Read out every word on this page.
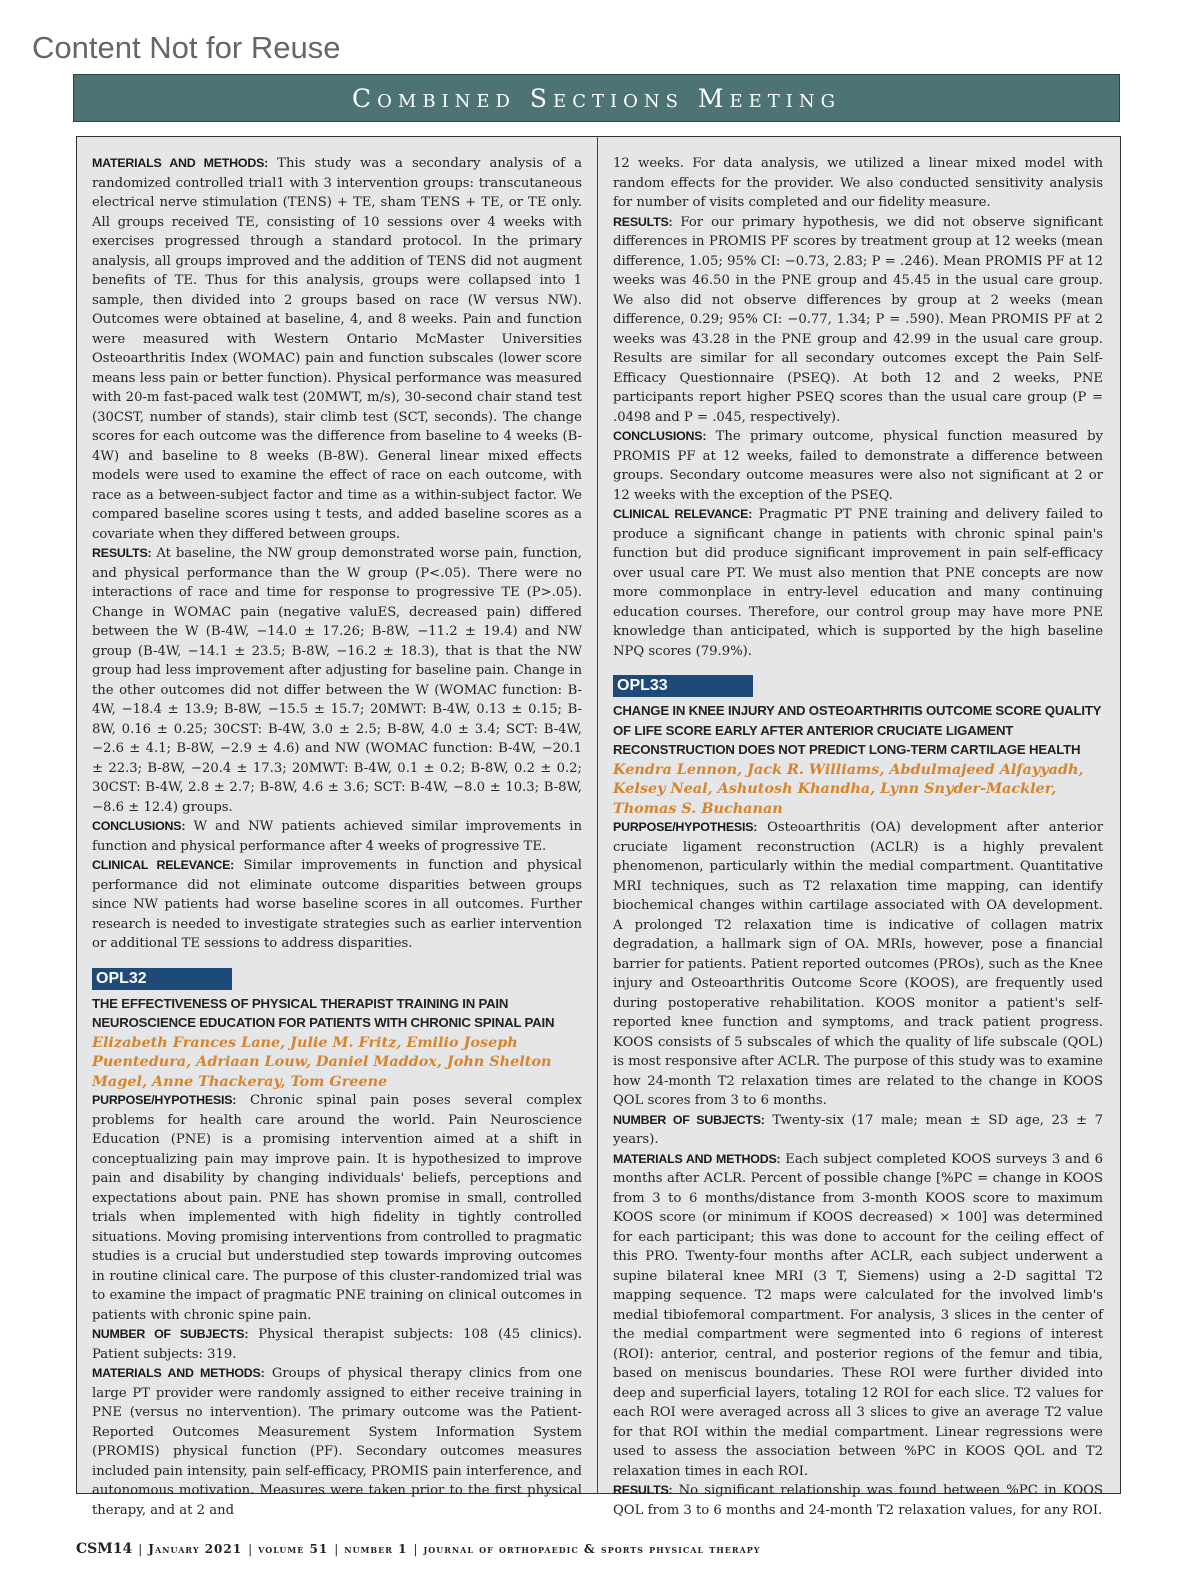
Content Not for Reuse
Combined Sections Meeting

MATERIALS AND METHODS: This study was a secondary analysis of a randomized controlled trial1 with 3 intervention groups: transcutaneous electrical nerve stimulation (TENS) + TE, sham TENS + TE, or TE only. All groups received TE, consisting of 10 sessions over 4 weeks with exercises progressed through a standard protocol. In the primary analysis, all groups improved and the addition of TENS did not augment benefits of TE. Thus for this analysis, groups were collapsed into 1 sample, then divided into 2 groups based on race (W versus NW). Outcomes were obtained at baseline, 4, and 8 weeks. Pain and function were measured with Western Ontario McMaster Universities Osteoarthritis Index (WOMAC) pain and function subscales (lower score means less pain or better function). Physical performance was measured with 20-m fast-paced walk test (20MWT, m/s), 30-second chair stand test (30CST, number of stands), stair climb test (SCT, seconds). The change scores for each outcome was the difference from baseline to 4 weeks (B-4W) and baseline to 8 weeks (B-8W). General linear mixed effects models were used to examine the effect of race on each outcome, with race as a between-subject factor and time as a within-subject factor. We compared baseline scores using t tests, and added baseline scores as a covariate when they differed between groups.

RESULTS: At baseline, the NW group demonstrated worse pain, function, and physical performance than the W group (P<.05). There were no interactions of race and time for response to progressive TE (P>.05). Change in WOMAC pain (negative valuES, decreased pain) differed between the W (B-4W, −14.0 ± 17.26; B-8W, −11.2 ± 19.4) and NW group (B-4W, −14.1 ± 23.5; B-8W, −16.2 ± 18.3), that is that the NW group had less improvement after adjusting for baseline pain. Change in the other outcomes did not differ between the W (WOMAC function: B-4W, −18.4 ± 13.9; B-8W, −15.5 ± 15.7; 20MWT: B-4W, 0.13 ± 0.15; B-8W, 0.16 ± 0.25; 30CST: B-4W, 3.0 ± 2.5; B-8W, 4.0 ± 3.4; SCT: B-4W, −2.6 ± 4.1; B-8W, −2.9 ± 4.6) and NW (WOMAC function: B-4W, −20.1 ± 22.3; B-8W, −20.4 ± 17.3; 20MWT: B-4W, 0.1 ± 0.2; B-8W, 0.2 ± 0.2; 30CST: B-4W, 2.8 ± 2.7; B-8W, 4.6 ± 3.6; SCT: B-4W, −8.0 ± 10.3; B-8W, −8.6 ± 12.4) groups.

CONCLUSIONS: W and NW patients achieved similar improvements in function and physical performance after 4 weeks of progressive TE.

CLINICAL RELEVANCE: Similar improvements in function and physical performance did not eliminate outcome disparities between groups since NW patients had worse baseline scores in all outcomes. Further research is needed to investigate strategies such as earlier intervention or additional TE sessions to address disparities.

OPL32
THE EFFECTIVENESS OF PHYSICAL THERAPIST TRAINING IN PAIN NEUROSCIENCE EDUCATION FOR PATIENTS WITH CHRONIC SPINAL PAIN
Elizabeth Frances Lane, Julie M. Fritz, Emilio Joseph Puentedura, Adriaan Louw, Daniel Maddox, John Shelton Magel, Anne Thackeray, Tom Greene

PURPOSE/HYPOTHESIS: Chronic spinal pain poses several complex problems for health care around the world. Pain Neuroscience Education (PNE) is a promising intervention aimed at a shift in conceptualizing pain may improve pain. It is hypothesized to improve pain and disability by changing individuals' beliefs, perceptions and expectations about pain. PNE has shown promise in small, controlled trials when implemented with high fidelity in tightly controlled situations. Moving promising interventions from controlled to pragmatic studies is a crucial but understudied step towards improving outcomes in routine clinical care. The purpose of this cluster-randomized trial was to examine the impact of pragmatic PNE training on clinical outcomes in patients with chronic spine pain.

NUMBER OF SUBJECTS: Physical therapist subjects: 108 (45 clinics). Patient subjects: 319.

MATERIALS AND METHODS: Groups of physical therapy clinics from one large PT provider were randomly assigned to either receive training in PNE (versus no intervention). The primary outcome was the Patient-Reported Outcomes Measurement System Information System (PROMIS) physical function (PF). Secondary outcomes measures included pain intensity, pain self-efficacy, PROMIS pain interference, and autonomous motivation. Measures were taken prior to the first physical therapy, and at 2 and

12 weeks. For data analysis, we utilized a linear mixed model with random effects for the provider. We also conducted sensitivity analysis for number of visits completed and our fidelity measure.

RESULTS: For our primary hypothesis, we did not observe significant differences in PROMIS PF scores by treatment group at 12 weeks (mean difference, 1.05; 95% CI: −0.73, 2.83; P = .246). Mean PROMIS PF at 12 weeks was 46.50 in the PNE group and 45.45 in the usual care group. We also did not observe differences by group at 2 weeks (mean difference, 0.29; 95% CI: −0.77, 1.34; P = .590). Mean PROMIS PF at 2 weeks was 43.28 in the PNE group and 42.99 in the usual care group. Results are similar for all secondary outcomes except the Pain Self-Efficacy Questionnaire (PSEQ). At both 12 and 2 weeks, PNE participants report higher PSEQ scores than the usual care group (P = .0498 and P = .045, respectively).

CONCLUSIONS: The primary outcome, physical function measured by PROMIS PF at 12 weeks, failed to demonstrate a difference between groups. Secondary outcome measures were also not significant at 2 or 12 weeks with the exception of the PSEQ.

CLINICAL RELEVANCE: Pragmatic PT PNE training and delivery failed to produce a significant change in patients with chronic spinal pain's function but did produce significant improvement in pain self-efficacy over usual care PT. We must also mention that PNE concepts are now more commonplace in entry-level education and many continuing education courses. Therefore, our control group may have more PNE knowledge than anticipated, which is supported by the high baseline NPQ scores (79.9%).

OPL33
CHANGE IN KNEE INJURY AND OSTEOARTHRITIS OUTCOME SCORE QUALITY OF LIFE SCORE EARLY AFTER ANTERIOR CRUCIATE LIGAMENT RECONSTRUCTION DOES NOT PREDICT LONG-TERM CARTILAGE HEALTH
Kendra Lennon, Jack R. Williams, Abdulmajeed Alfayyadh, Kelsey Neal, Ashutosh Khandha, Lynn Snyder-Mackler, Thomas S. Buchanan

PURPOSE/HYPOTHESIS: Osteoarthritis (OA) development after anterior cruciate ligament reconstruction (ACLR) is a highly prevalent phenomenon, particularly within the medial compartment. Quantitative MRI techniques, such as T2 relaxation time mapping, can identify biochemical changes within cartilage associated with OA development. A prolonged T2 relaxation time is indicative of collagen matrix degradation, a hallmark sign of OA. MRIs, however, pose a financial barrier for patients. Patient reported outcomes (PROs), such as the Knee injury and Osteoarthritis Outcome Score (KOOS), are frequently used during postoperative rehabilitation. KOOS monitor a patient's self-reported knee function and symptoms, and track patient progress. KOOS consists of 5 subscales of which the quality of life subscale (QOL) is most responsive after ACLR. The purpose of this study was to examine how 24-month T2 relaxation times are related to the change in KOOS QOL scores from 3 to 6 months.

NUMBER OF SUBJECTS: Twenty-six (17 male; mean ± SD age, 23 ± 7 years).

MATERIALS AND METHODS: Each subject completed KOOS surveys 3 and 6 months after ACLR. Percent of possible change [%PC = change in KOOS from 3 to 6 months/distance from 3-month KOOS score to maximum KOOS score (or minimum if KOOS decreased) × 100] was determined for each participant; this was done to account for the ceiling effect of this PRO. Twenty-four months after ACLR, each subject underwent a supine bilateral knee MRI (3 T, Siemens) using a 2-D sagittal T2 mapping sequence. T2 maps were calculated for the involved limb's medial tibiofemoral compartment. For analysis, 3 slices in the center of the medial compartment were segmented into 6 regions of interest (ROI): anterior, central, and posterior regions of the femur and tibia, based on meniscus boundaries. These ROI were further divided into deep and superficial layers, totaling 12 ROI for each slice. T2 values for each ROI were averaged across all 3 slices to give an average T2 value for that ROI within the medial compartment. Linear regressions were used to assess the association between %PC in KOOS QOL and T2 relaxation times in each ROI.

RESULTS: No significant relationship was found between %PC in KOOS QOL from 3 to 6 months and 24-month T2 relaxation values, for any ROI.

CSM14 | January 2021 | volume 51 | number 1 | journal of orthopaedic & sports physical therapy
